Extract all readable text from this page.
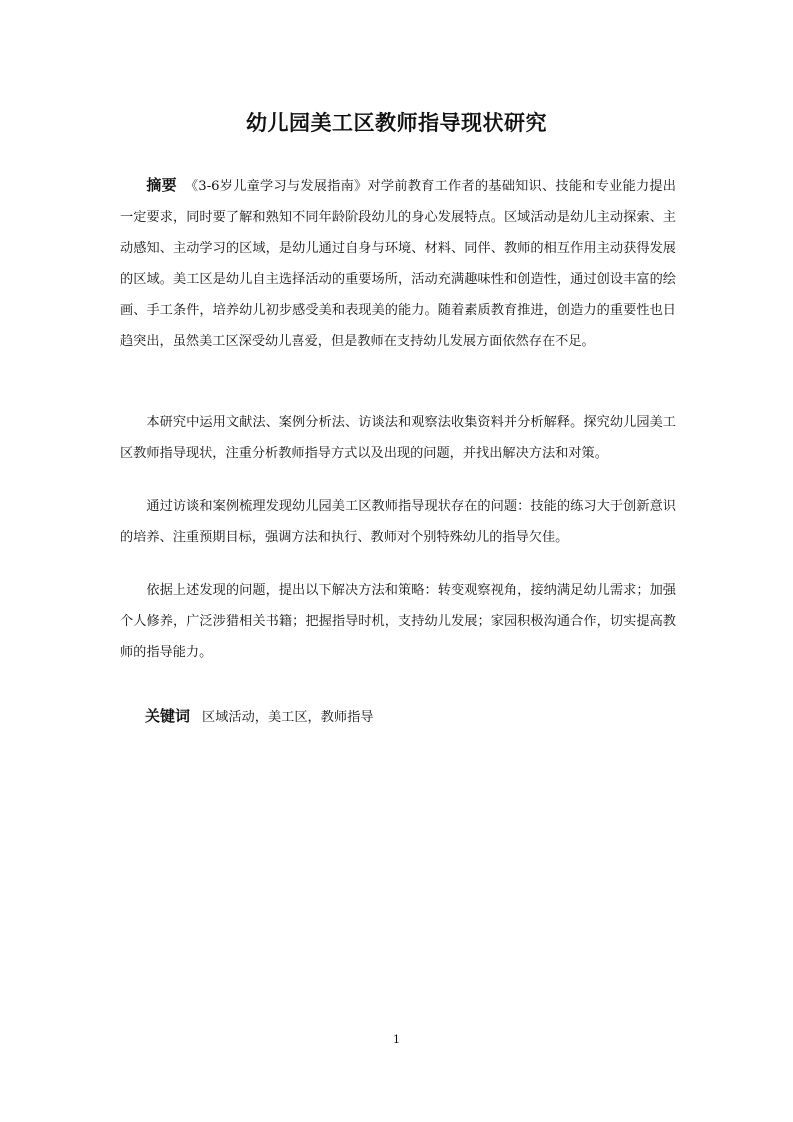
幼儿园美工区教师指导现状研究

摘要 《3-6岁儿童学习与发展指南》对学前教育工作者的基础知识、技能和专业能力提出一定要求，同时要了解和熟知不同年龄阶段幼儿的身心发展特点。区域活动是幼儿主动探索、主动感知、主动学习的区域，是幼儿通过自身与环境、材料、同伴、教师的相互作用主动获得发展的区域。美工区是幼儿自主选择活动的重要场所，活动充满趣味性和创造性，通过创设丰富的绘画、手工条件，培养幼儿初步感受美和表现美的能力。随着素质教育推进，创造力的重要性也日趋突出，虽然美工区深受幼儿喜爱，但是教师在支持幼儿发展方面依然存在不足。

本研究中运用文献法、案例分析法、访谈法和观察法收集资料并分析解释。探究幼儿园美工区教师指导现状，注重分析教师指导方式以及出现的问题，并找出解决方法和对策。

通过访谈和案例梳理发现幼儿园美工区教师指导现状存在的问题：技能的练习大于创新意识的培养、注重预期目标，强调方法和执行、教师对个别特殊幼儿的指导欠佳。

依据上述发现的问题，提出以下解决方法和策略：转变观察视角，接纳满足幼儿需求；加强个人修养，广泛涉猎相关书籍；把握指导时机，支持幼儿发展；家园积极沟通合作，切实提高教师的指导能力。

关键词 区域活动，美工区，教师指导
1
